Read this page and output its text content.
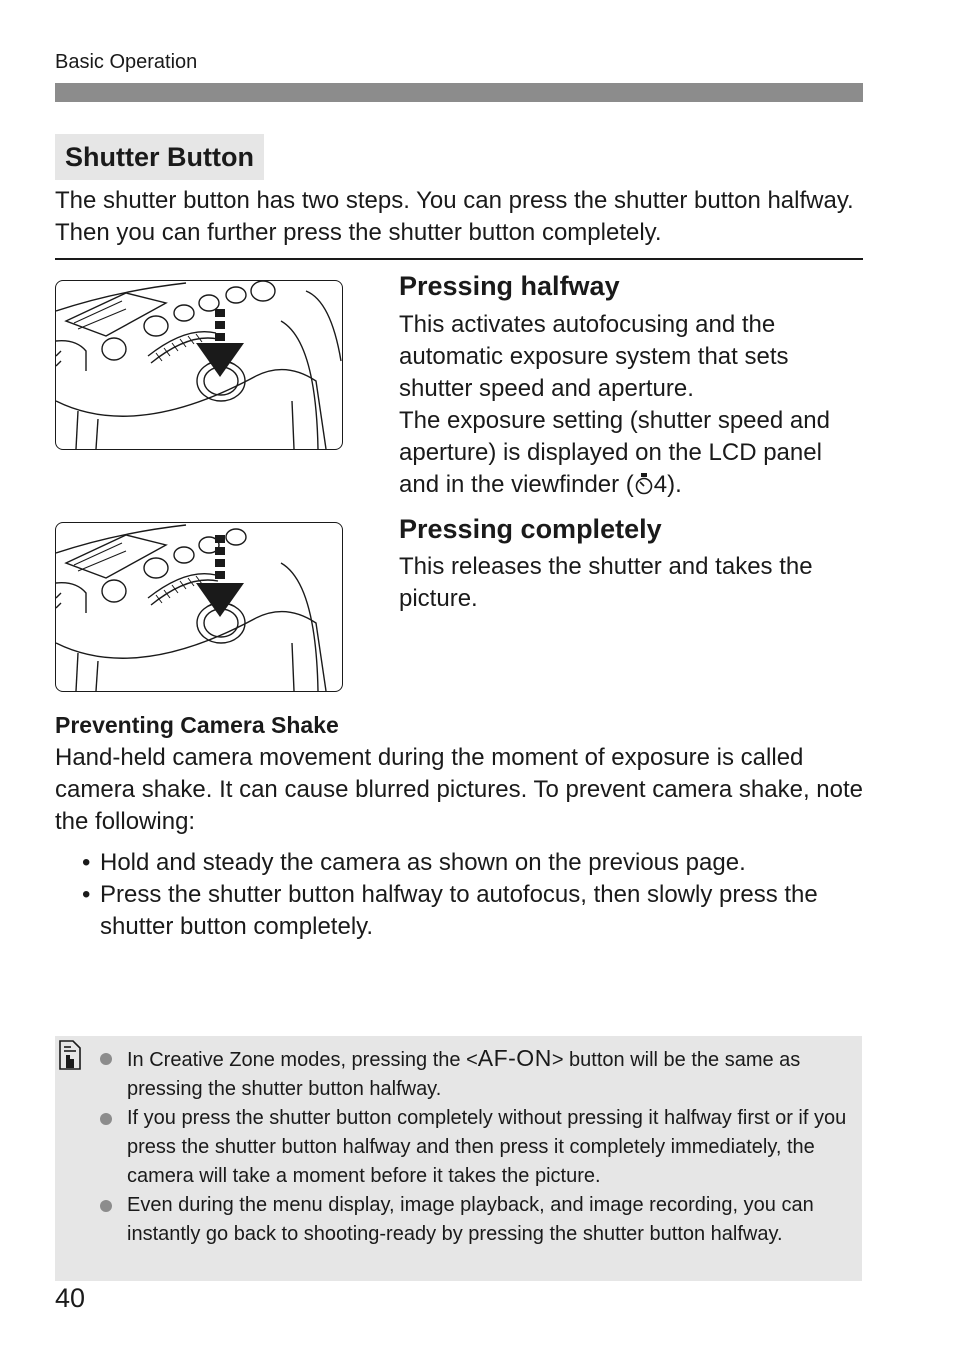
Basic Operation
Shutter Button
The shutter button has two steps. You can press the shutter button halfway. Then you can further press the shutter button completely.
Pressing halfway
This activates autofocusing and the automatic exposure system that sets shutter speed and aperture.
The exposure setting (shutter speed and aperture) is displayed on the LCD panel and in the viewfinder ( 4).
Pressing completely
This releases the shutter and takes the picture.
Preventing Camera Shake
Hand-held camera movement during the moment of exposure is called camera shake. It can cause blurred pictures. To prevent camera shake, note the following:
• Hold and steady the camera as shown on the previous page.
• Press the shutter button halfway to autofocus, then slowly press the shutter button completely.
In Creative Zone modes, pressing the <AF-ON> button will be the same as pressing the shutter button halfway.
If you press the shutter button completely without pressing it halfway first or if you press the shutter button halfway and then press it completely immediately, the camera will take a moment before it takes the picture.
Even during the menu display, image playback, and image recording, you can instantly go back to shooting-ready by pressing the shutter button halfway.
40
